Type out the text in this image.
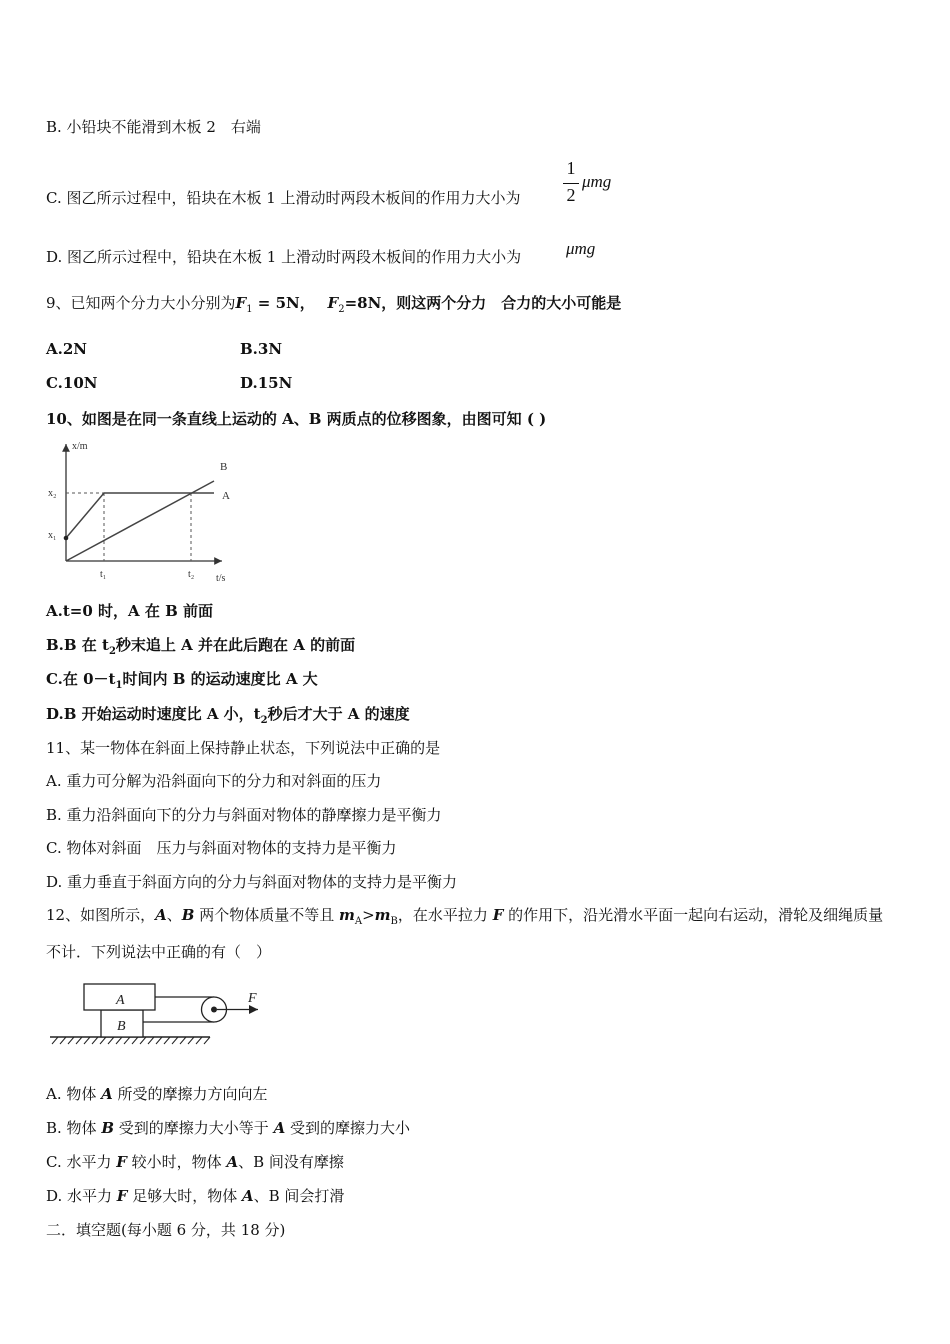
B. 小铅块不能滑到木板 2　右端
C. 图乙所示过程中，铅块在木板 1 上滑动时两段木板间的作用力大小为
1
2
μmg
D. 图乙所示过程中，铅块在木板 1 上滑动时两段木板间的作用力大小为	μmg
9、已知两个分力大小分别为$F_1 = 5N$， $F_2=8N$，则这两个分力　合力的大小可能是
A.2N	B.3N
C.10N	D.15N
10、如图是在同一条直线上运动的 A、B 两质点的位移图象，由图可知 ( )
x/m
t/s
x₂
x₁
t₁	t₂
A
B
A.t=0 时，A 在 B 前面
B.B 在 $t_2$秒末追上 A 并在此后跑在 A 的前面
C.在 $0-t_1$时间内 B 的运动速度比 A 大
D.B 开始运动时速度比 A 小，$t_2$秒后才大于 A 的速度
11、某一物体在斜面上保持静止状态，下列说法中正确的是
A. 重力可分解为沿斜面向下的分力和对斜面的压力
B. 重力沿斜面向下的分力与斜面对物体的静摩擦力是平衡力
C. 物体对斜面　压力与斜面对物体的支持力是平衡力
D. 重力垂直于斜面方向的分力与斜面对物体的支持力是平衡力
12、如图所示，A、B 两个物体质量不等且 $m_A>m_B$，在水平拉力 F 的作用下，沿光滑水平面一起向右运动，滑轮及细绳质量
不计．下列说法中正确的有（　）
A
B
F
A. 物体 A 所受的摩擦力方向向左
B. 物体 B 受到的摩擦力大小等于 A 受到的摩擦力大小
C. 水平力 F 较小时，物体 A、B 间没有摩擦
D. 水平力 F 足够大时，物体 A、B 间会打滑
二．填空题(每小题 6 分，共 18 分)
